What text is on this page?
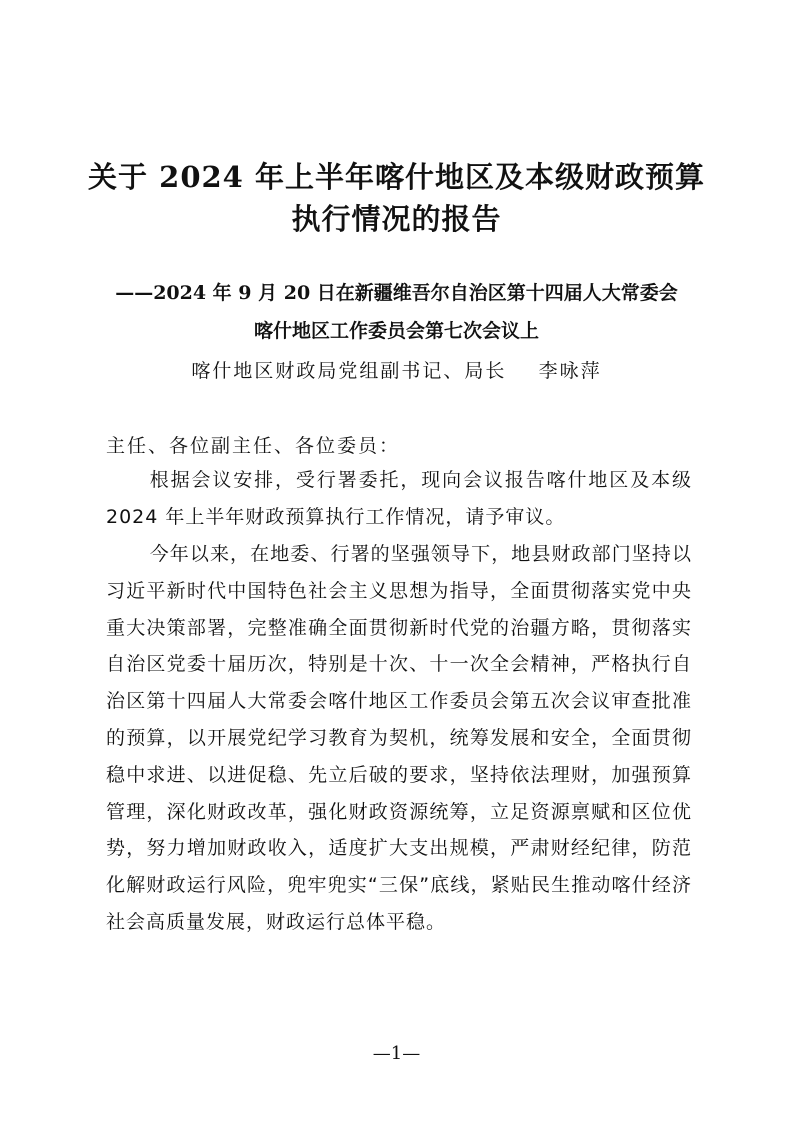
关于 2024 年上半年喀什地区及本级财政预算
执行情况的报告
——2024 年 9 月 20 日在新疆维吾尔自治区第十四届人大常委会
喀什地区工作委员会第七次会议上
喀什地区财政局党组副书记、局长    李咏萍
主任、各位副主任、各位委员：

根据会议安排，受行署委托，现向会议报告喀什地区及本级 2024 年上半年财政预算执行工作情况，请予审议。

今年以来，在地委、行署的坚强领导下，地县财政部门坚持以习近平新时代中国特色社会主义思想为指导，全面贯彻落实党中央重大决策部署，完整准确全面贯彻新时代党的治疆方略，贯彻落实自治区党委十届历次，特别是十次、十一次全会精神，严格执行自治区第十四届人大常委会喀什地区工作委员会第五次会议审查批准的预算，以开展党纪学习教育为契机，统筹发展和安全，全面贯彻稳中求进、以进促稳、先立后破的要求，坚持依法理财，加强预算管理，深化财政改革，强化财政资源统筹，立足资源禀赋和区位优势，努力增加财政收入，适度扩大支出规模，严肃财经纪律，防范化解财政运行风险，兜牢兜实“三保”底线，紧贴民生推动喀什经济社会高质量发展，财政运行总体平稳。

—1—
